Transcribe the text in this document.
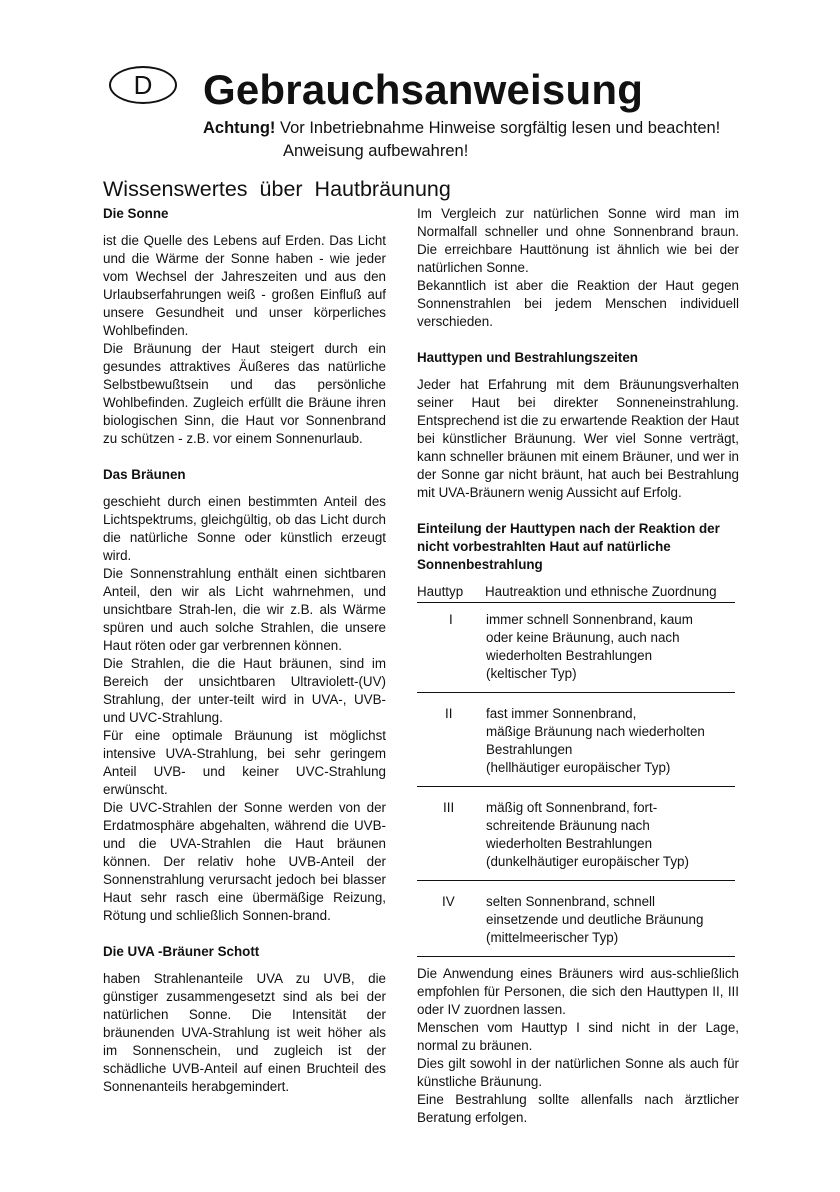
D Gebrauchsanweisung
Achtung! Vor Inbetriebnahme Hinweise sorgfältig lesen und beachten!
Anweisung aufbewahren!
Wissenswertes über Hautbräunung
Die Sonne

ist die Quelle des Lebens auf Erden. Das Licht und die Wärme der Sonne haben - wie jeder vom Wechsel der Jahreszeiten und aus den Urlaubserfahrungen weiß - großen Einfluß auf unsere Gesundheit und unser körperliches Wohlbefinden.

Die Bräunung der Haut steigert durch ein gesundes attraktives Äußeres das natürliche Selbstbewußtsein und das persönliche Wohlbefinden. Zugleich erfüllt die Bräune ihren biologischen Sinn, die Haut vor Sonnenbrand zu schützen - z.B. vor einem Sonnenurlaub.

Das Bräunen

geschieht durch einen bestimmten Anteil des Lichtspektrums, gleichgültig, ob das Licht durch die natürliche Sonne oder künstlich erzeugt wird.

Die Sonnenstrahlung enthält einen sichtbaren Anteil, den wir als Licht wahrnehmen, und unsichtbare Strah-len, die wir z.B. als Wärme spüren und auch solche Strahlen, die unsere Haut röten oder gar verbrennen können.

Die Strahlen, die die Haut bräunen, sind im Bereich der unsichtbaren Ultraviolett-(UV) Strahlung, der unter-teilt wird in UVA-, UVB- und UVC-Strahlung.

Für eine optimale Bräunung ist möglichst intensive UVA-Strahlung, bei sehr geringem Anteil UVB- und keiner UVC-Strahlung erwünscht.

Die UVC-Strahlen der Sonne werden von der Erdatmosphäre abgehalten, während die UVB- und die UVA-Strahlen die Haut bräunen können. Der relativ hohe UVB-Anteil der Sonnenstrahlung verursacht jedoch bei blasser Haut sehr rasch eine übermäßige Reizung, Rötung und schließlich Sonnen-brand.

Die UVA -Bräuner Schott

haben Strahlenanteile UVA zu UVB, die günstiger zusammengesetzt sind als bei der natürlichen Sonne. Die Intensität der bräunenden UVA-Strahlung ist weit höher als im Sonnenschein, und zugleich ist der schädliche UVB-Anteil auf einen Bruchteil des Sonnenanteils herabgemindert.

Im Vergleich zur natürlichen Sonne wird man im Normalfall schneller und ohne Sonnenbrand braun. Die erreichbare Hauttönung ist ähnlich wie bei der natürlichen Sonne.

Bekanntlich ist aber die Reaktion der Haut gegen Sonnenstrahlen bei jedem Menschen individuell verschieden.

Hauttypen und Bestrahlungszeiten

Jeder hat Erfahrung mit dem Bräunungsverhalten seiner Haut bei direkter Sonneneinstrahlung. Entsprechend ist die zu erwartende Reaktion der Haut bei künstlicher Bräunung. Wer viel Sonne verträgt, kann schneller bräunen mit einem Bräuner, und wer in der Sonne gar nicht bräunt, hat auch bei Bestrahlung mit UVA-Bräunern wenig Aussicht auf Erfolg.

Einteilung der Hauttypen nach der Reaktion der nicht vorbestrahlten Haut auf natürliche Sonnenbestrahlung
Hauttyp	Hautreaktion und ethnische Zuordnung
I	immer schnell Sonnenbrand, kaum
oder keine Bräunung, auch nach
wiederholten Bestrahlungen
(keltischer Typ)
II	fast immer Sonnenbrand,
mäßige Bräunung nach wiederholten
Bestrahlungen
(hellhäutiger europäischer Typ)
III	mäßig oft Sonnenbrand, fort-
schreitende Bräunung nach
wiederholten Bestrahlungen
(dunkelhäutiger europäischer Typ)
IV	selten Sonnenbrand, schnell
einsetzende und deutliche Bräunung
(mittelmeerischer Typ)

Die Anwendung eines Bräuners wird aus-schließlich empfohlen für Personen, die sich den Hauttypen II, III oder IV zuordnen lassen.

Menschen vom Hauttyp I sind nicht in der Lage, normal zu bräunen.

Dies gilt sowohl in der natürlichen Sonne als auch für künstliche Bräunung.

Eine Bestrahlung sollte allenfalls nach ärztlicher Beratung erfolgen.
